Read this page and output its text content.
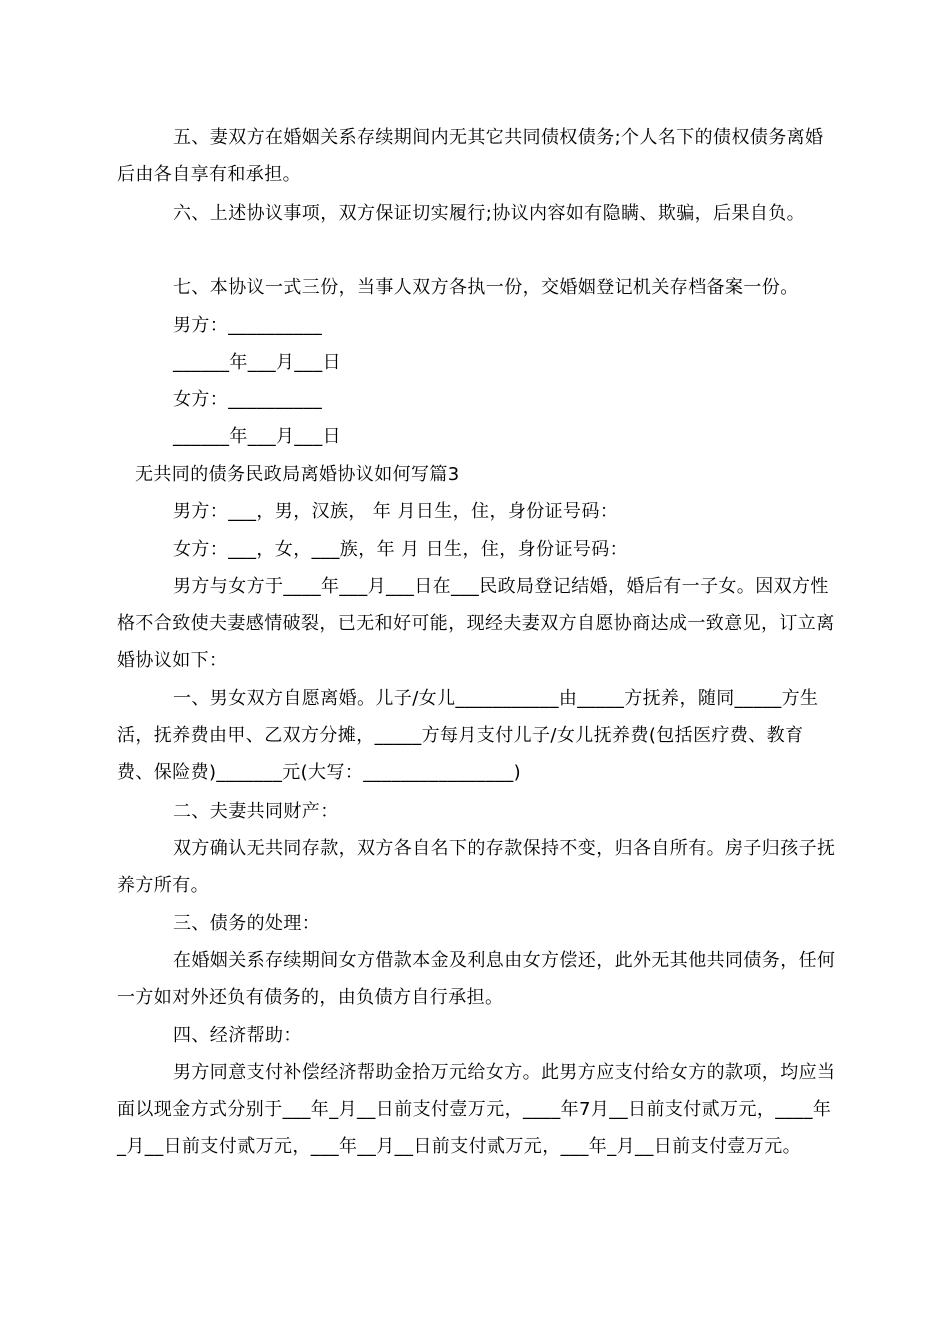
五、妻双方在婚姻关系存续期间内无其它共同债权债务;个人名下的债权债务离婚后由各自享有和承担。

六、上述协议事项，双方保证切实履行;协议内容如有隐瞒、欺骗，后果自负。

七、本协议一式三份，当事人双方各执一份，交婚姻登记机关存档备案一份。

男方：__________

______年___月___日

女方：__________

______年___月___日

无共同的债务民政局离婚协议如何写篇3

男方：___，男，汉族， 年 月日生，住，身份证号码：

女方：___，女，___族，年 月 日生，住，身份证号码：

男方与女方于____年___月___日在___民政局登记结婚，婚后有一子女。因双方性格不合致使夫妻感情破裂，已无和好可能，现经夫妻双方自愿协商达成一致意见，订立离婚协议如下：

一、男女双方自愿离婚。儿子/女儿___________由_____方抚养，随同_____方生活，抚养费由甲、乙双方分摊，_____方每月支付儿子/女儿抚养费(包括医疗费、教育费、保险费)_______元(大写：________________)

二、夫妻共同财产：

双方确认无共同存款，双方各自名下的存款保持不变，归各自所有。房子归孩子抚养方所有。

三、债务的处理：

在婚姻关系存续期间女方借款本金及利息由女方偿还，此外无其他共同债务，任何一方如对外还负有债务的，由负债方自行承担。

四、经济帮助：

男方同意支付补偿经济帮助金拾万元给女方。此男方应支付给女方的款项，均应当面以现金方式分别于___年_月__日前支付壹万元，____年7月__日前支付贰万元，____年_月__日前支付贰万元，___年__月__日前支付贰万元，___年_月__日前支付壹万元。
